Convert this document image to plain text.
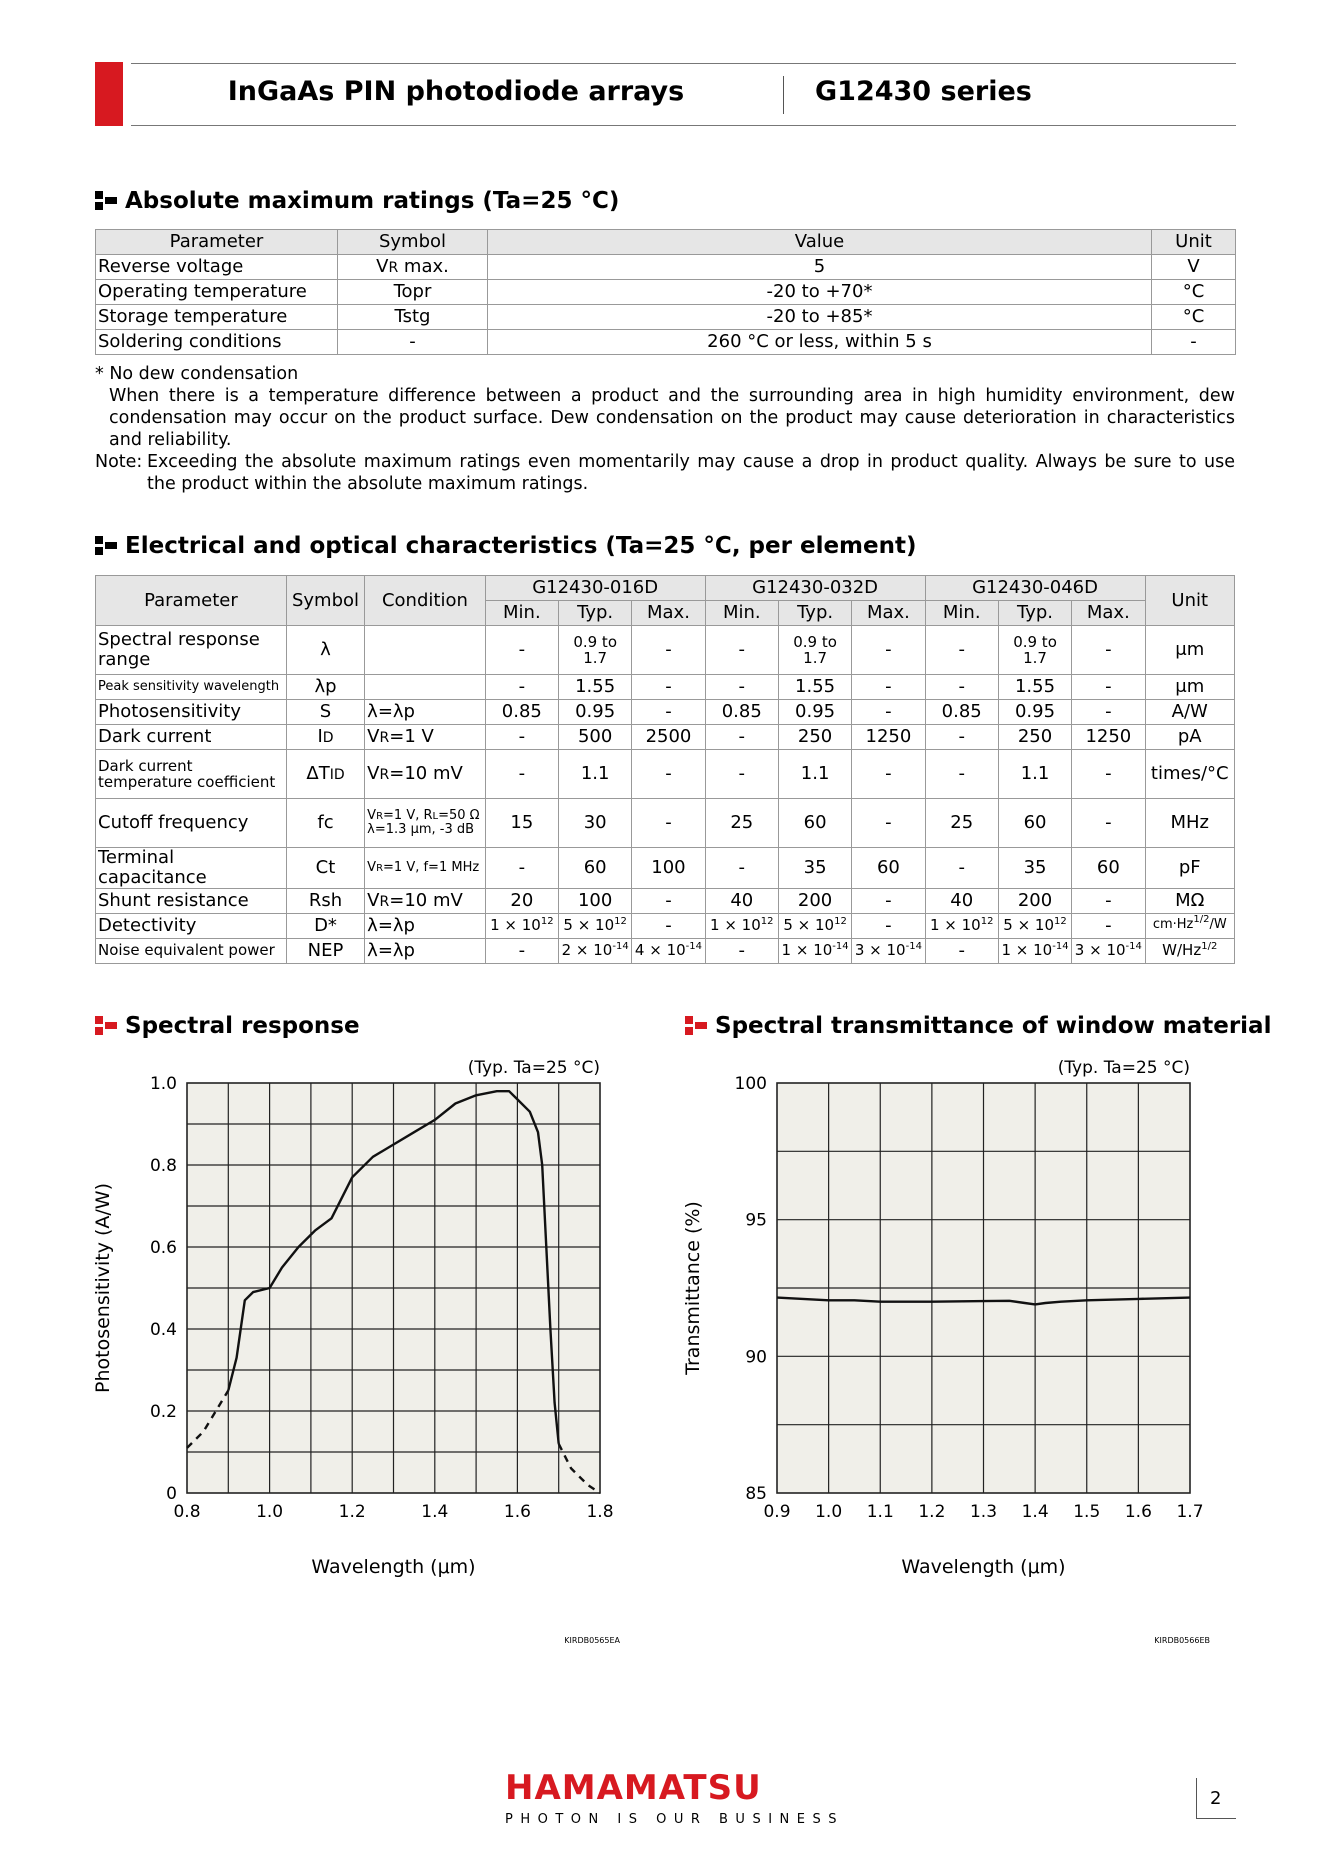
InGaAs PIN photodiode arrays	G12430 series
Absolute maximum ratings (Ta=25 °C)
Parameter	Symbol	Value	Unit
Reverse voltage	VR max.	5	V
Operating temperature	Topr	-20 to +70*	°C
Storage temperature	Tstg	-20 to +85*	°C
Soldering conditions	-	260 °C or less, within 5 s	-

* No dew condensation

When there is a temperature difference between a product and the surrounding area in high humidity environment, dew condensation may occur on the product surface. Dew condensation on the product may cause deterioration in characteristics and reliability.

Note: Exceeding the absolute maximum ratings even momentarily may cause a drop in product quality. Always be sure to use the product within the absolute maximum ratings.
Electrical and optical characteristics (Ta=25 °C, per element)
Parameter	Symbol	Condition	G12430-016D			G12430-032D			G12430-046D			Unit
			Min.	Typ.	Max.	Min.	Typ.	Max.	Min.	Typ.	Max.	
Spectral response range	λ		-	0.9 to 1.7	-	-	0.9 to 1.7	-	-	0.9 to 1.7	-	μm
Peak sensitivity wavelength	λp		-	1.55	-	-	1.55	-	-	1.55	-	μm
Photosensitivity	S	λ=λp	0.85	0.95	-	0.85	0.95	-	0.85	0.95	-	A/W
Dark current	ID	VR=1 V	-	500	2500	-	250	1250	-	250	1250	pA
Dark current temperature coefficient	ΔTID	VR=10 mV	-	1.1	-	-	1.1	-	-	1.1	-	times/°C
Cutoff frequency	fc	VR=1 V, RL=50 Ω
λ=1.3 μm, -3 dB	15	30	-	25	60	-	25	60	-	MHz
Terminal capacitance	Ct	VR=1 V, f=1 MHz	-	60	100	-	35	60	-	35	60	pF
Shunt resistance	Rsh	VR=10 mV	20	100	-	40	200	-	40	200	-	MΩ
Detectivity	D*	λ=λp	$1 \times 10^{12}$	$5 \times 10^{12}$	-	$1 \times 10^{12}$	$5 \times 10^{12}$	-	$1 \times 10^{12}$	$5 \times 10^{12}$	-	$cm\cdot Hz^{1/2}/W$
Noise equivalent power	NEP	λ=λp	-	$2 \times 10^{-14}$	$4 \times 10^{-14}$	-	$1 \times 10^{-14}$	$3 \times 10^{-14}$	-	$1 \times 10^{-14}$	$3 \times 10^{-14}$	$W/Hz^{1/2}$
Spectral response	Spectral transmittance of window material
0.8	1.0	1.2	1.4	1.6	1.8
0
0.2
0.4
0.6
0.8
1.0
Wavelength (μm)
Photosensitivity (A/W)
(Typ. Ta=25 °C)
KIRDB0565EA
0.9 1.0 1.1 1.2 1.3 1.4 1.5 1.6 1.7
85
90
95
100
Wavelength (μm)
Transmittance (%)
(Typ. Ta=25 °C)
KIRDB0566EB
HAMAMATSU
PHOTON IS OUR BUSINESS
2
